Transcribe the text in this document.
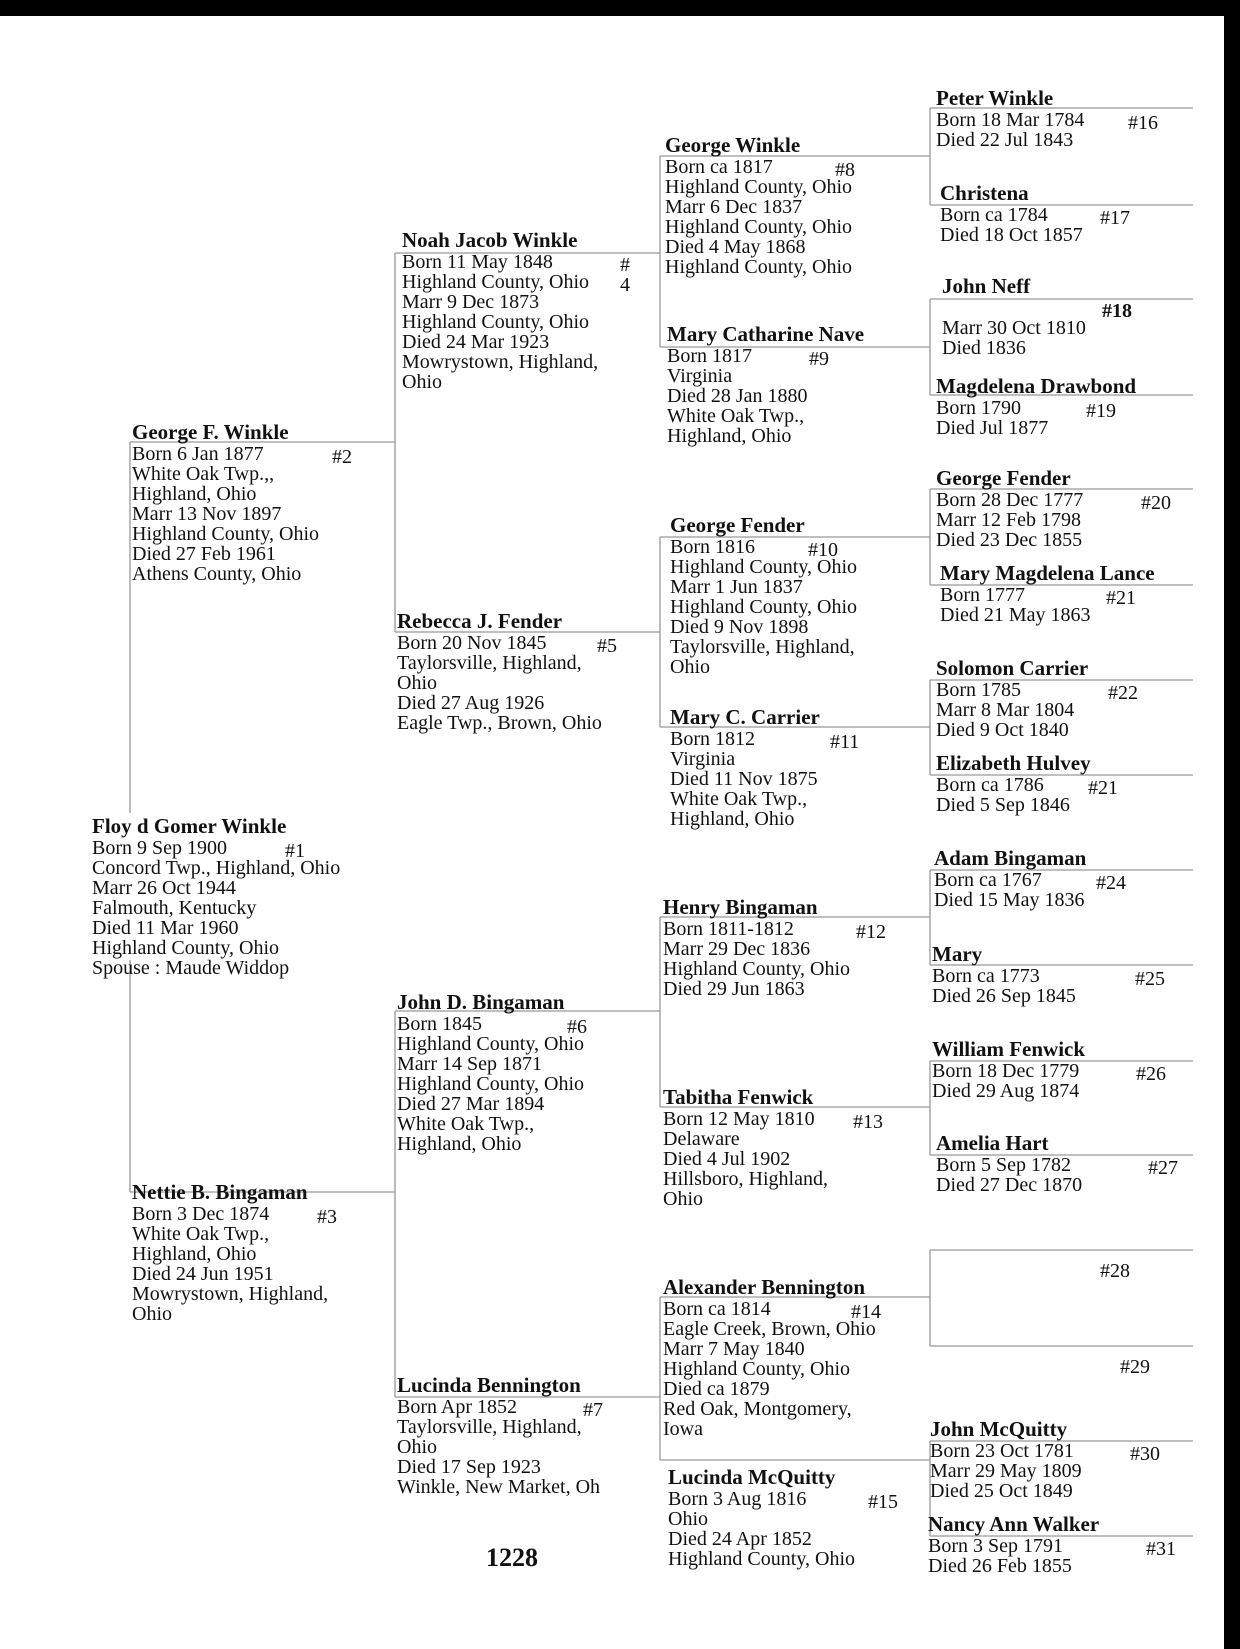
Floy d Gomer Winkle
#1
Born 9 Sep 1900
Concord Twp., Highland, Ohio
Marr 26 Oct 1944
Falmouth, Kentucky
Died 11 Mar 1960
Highland County, Ohio
Spouse : Maude Widdop
George F. Winkle
#2
Born 6 Jan 1877
White Oak Twp.,,
Highland, Ohio
Marr 13 Nov 1897
Highland County, Ohio
Died 27 Feb 1961
Athens County, Ohio
Nettie B. Bingaman
#3
Born 3 Dec 1874
White Oak Twp.,
Highland, Ohio
Died 24 Jun 1951
Mowrystown, Highland,
Ohio
Noah Jacob Winkle
# 4
Born 11 May 1848
Highland County, Ohio
Marr 9 Dec 1873
Highland County, Ohio
Died 24 Mar 1923
Mowrystown, Highland,
Ohio
Rebecca J. Fender
#5
Born 20 Nov 1845
Taylorsville, Highland,
Ohio
Died 27 Aug 1926
Eagle Twp., Brown, Ohio
John D. Bingaman
#6
Born 1845
Highland County, Ohio
Marr 14 Sep 1871
Highland County, Ohio
Died 27 Mar 1894
White Oak Twp.,
Highland, Ohio
Lucinda Bennington
#7
Born Apr 1852
Taylorsville, Highland,
Ohio
Died 17 Sep 1923
Winkle, New Market, Oh
George Winkle
#8
Born ca 1817
Highland County, Ohio
Marr 6 Dec 1837
Highland County, Ohio
Died 4 May 1868
Highland County, Ohio
Mary Catharine Nave
#9
Born 1817
Virginia
Died 28 Jan 1880
White Oak Twp.,
Highland, Ohio
George Fender
#10
Born 1816
Highland County, Ohio
Marr 1 Jun 1837
Highland County, Ohio
Died 9 Nov 1898
Taylorsville, Highland,
Ohio
Mary C. Carrier
#11
Born 1812
Virginia
Died 11 Nov 1875
White Oak Twp.,
Highland, Ohio
Henry Bingaman
#12
Born 1811-1812
Marr 29 Dec 1836
Highland County, Ohio
Died 29 Jun 1863
Tabitha Fenwick
#13
Born 12 May 1810
Delaware
Died 4 Jul 1902
Hillsboro, Highland,
Ohio
Alexander Bennington
#14
Born ca 1814
Eagle Creek, Brown, Ohio
Marr 7 May 1840
Highland County, Ohio
Died ca 1879
Red Oak, Montgomery,
Iowa
Lucinda McQuitty
#15
Born 3 Aug 1816
Ohio
Died 24 Apr 1852
Highland County, Ohio
Peter Winkle
#16
Born 18 Mar 1784
Died 22 Jul 1843
Christena
#17
Born ca 1784
Died 18 Oct 1857
John Neff
#18

Marr 30 Oct 1810
Died 1836
Magdelena Drawbond
#19
Born 1790
Died Jul 1877
George Fender
#20
Born 28 Dec 1777
Marr 12 Feb 1798
Died 23 Dec 1855
Mary Magdelena Lance
#21
Born 1777
Died 21 May 1863
Solomon Carrier
#22
Born 1785
Marr 8 Mar 1804
Died 9 Oct 1840
Elizabeth Hulvey
#21
Born ca 1786
Died 5 Sep 1846
Adam Bingaman
#24
Born ca 1767
Died 15 May 1836
Mary
#25
Born ca 1773
Died 26 Sep 1845
William Fenwick
#26
Born 18 Dec 1779
Died 29 Aug 1874
Amelia Hart
#27
Born 5 Sep 1782
Died 27 Dec 1870
#28
#29
John McQuitty
#30
Born 23 Oct 1781
Marr 29 May 1809
Died 25 Oct 1849
Nancy Ann Walker
#31
Born 3 Sep 1791
Died 26 Feb 1855
1228
